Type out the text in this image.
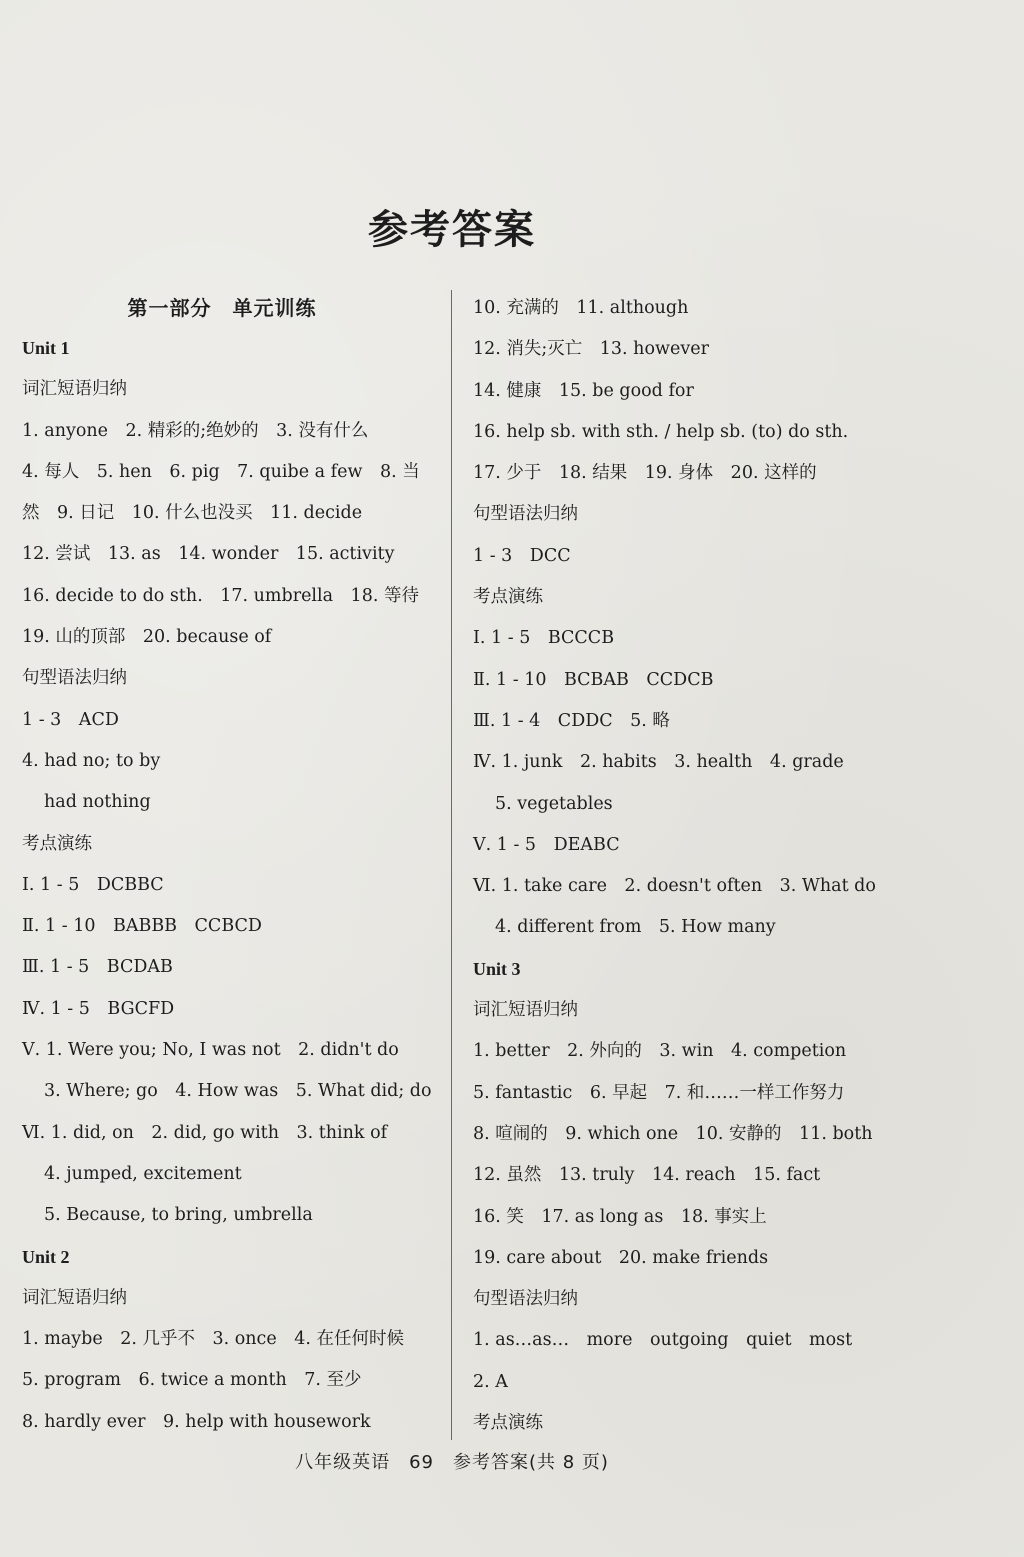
参考答案
第一部分　单元训练
Unit 1
词汇短语归纳
1. anyone　2. 精彩的;绝妙的　3. 没有什么
4. 每人　5. hen　6. pig　7. quibe a few　8. 当
然　9. 日记　10. 什么也没买　11. decide
12. 尝试　13. as　14. wonder　15. activity
16. decide to do sth.　17. umbrella　18. 等待
19. 山的顶部　20. because of
句型语法归纳
1 - 3　ACD
4. had no; to by
had nothing
考点演练
Ⅰ. 1 - 5　DCBBC
Ⅱ. 1 - 10　BABBB　CCBCD
Ⅲ. 1 - 5　BCDAB
Ⅳ. 1 - 5　BGCFD
Ⅴ. 1. Were you; No, I was not　2. didn't do
3. Where; go　4. How was　5. What did; do
Ⅵ. 1. did, on　2. did, go with　3. think of
4. jumped, excitement
5. Because, to bring, umbrella
Unit 2
词汇短语归纳
1. maybe　2. 几乎不　3. once　4. 在任何时候
5. program　6. twice a month　7. 至少
8. hardly ever　9. help with housework
10. 充满的　11. although
12. 消失;灭亡　13. however
14. 健康　15. be good for
16. help sb. with sth. / help sb. (to) do sth.
17. 少于　18. 结果　19. 身体　20. 这样的
句型语法归纳
1 - 3　DCC
考点演练
Ⅰ. 1 - 5　BCCCB
Ⅱ. 1 - 10　BCBAB　CCDCB
Ⅲ. 1 - 4　CDDC　5. 略
Ⅳ. 1. junk　2. habits　3. health　4. grade
5. vegetables
Ⅴ. 1 - 5　DEABC
Ⅵ. 1. take care　2. doesn't often　3. What do
4. different from　5. How many
Unit 3
词汇短语归纳
1. better　2. 外向的　3. win　4. competion
5. fantastic　6. 早起　7. 和……一样工作努力
8. 喧闹的　9. which one　10. 安静的　11. both
12. 虽然　13. truly　14. reach　15. fact
16. 笑　17. as long as　18. 事实上
19. care about　20. make friends
句型语法归纳
1. as…as…　more　outgoing　quiet　most
2. A
考点演练
八年级英语　69　参考答案(共 8 页)
